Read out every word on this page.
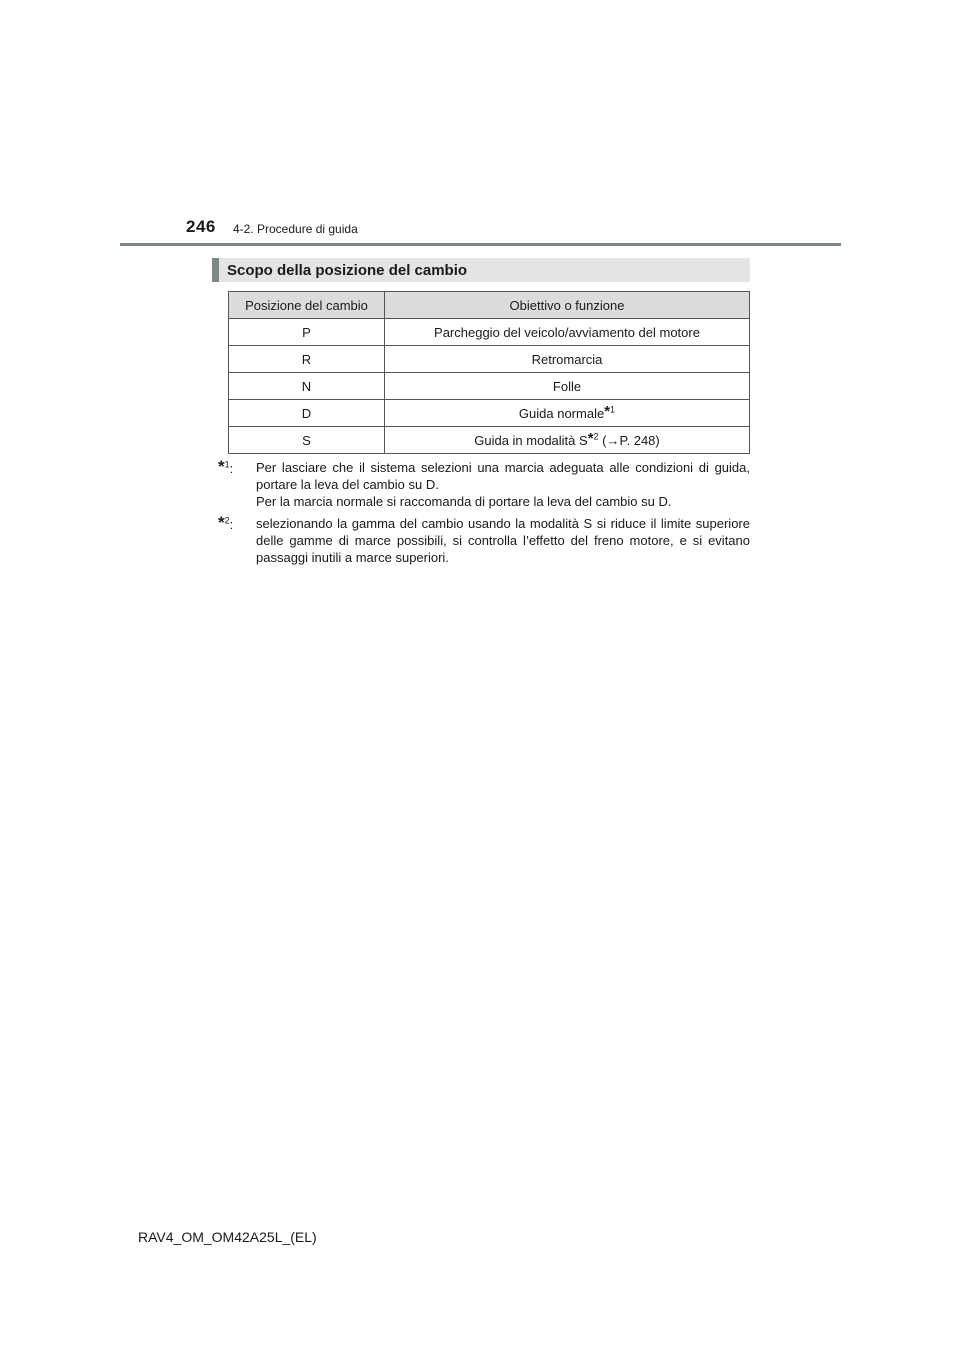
246 4-2. Procedure di guida
Scopo della posizione del cambio
Posizione del cambio	Obiettivo o funzione
P	Parcheggio del veicolo/avviamento del motore
R	Retromarcia
N	Folle
D	Guida normale*$^1$
S	Guida in modalità S*$^2$ (→P. 248)
*$^1$:	Per lasciare che il sistema selezioni una marcia adeguata alle condizioni di guida, portare la leva del cambio su D.

Per la marcia normale si raccomanda di portare la leva del cambio su D.

*$^2$:	selezionando la gamma del cambio usando la modalità S si riduce il limite superiore delle gamme di marce possibili, si controlla l’effetto del freno motore, e si evitano passaggi inutili a marce superiori.

RAV4_OM_OM42A25L_(EL)
